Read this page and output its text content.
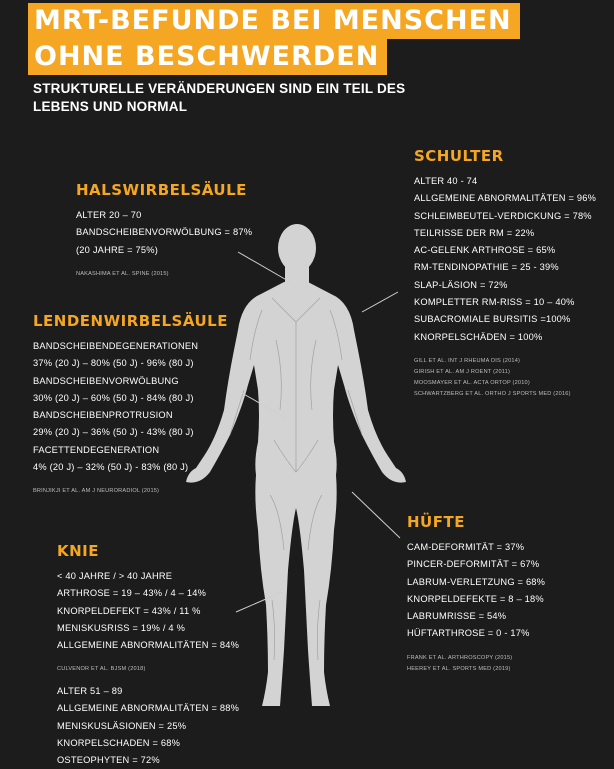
MRT-BEFUNDE BEI MENSCHEN
OHNE BESCHWERDEN
STRUKTURELLE VERÄNDERUNGEN SIND EIN TEIL DES LEBENS UND NORMAL
HALSWIRBELSÄULE
ALTER 20 – 70
BANDSCHEIBENVORWÖLBUNG = 87%
(20 JAHRE = 75%)
NAKASHIMA ET AL. SPINE (2015)
LENDENWIRBELSÄULE
BANDSCHEIBENDEGENERATIONEN
37% (20 J) – 80% (50 J) - 96% (80 J)
BANDSCHEIBENVORWÖLBUNG
30% (20 J) – 60% (50 J) - 84% (80 J)
BANDSCHEIBENPROTRUSION
29% (20 J) – 36% (50 J) - 43% (80 J)
FACETTENDEGENERATION
4% (20 J) – 32% (50 J) - 83% (80 J)
BRINJIKJI ET AL. AM J NEURORADIOL (2015)
SCHULTER
ALTER 40 - 74
ALLGEMEINE ABNORMALITÄTEN = 96%
SCHLEIMBEUTEL-VERDICKUNG = 78%
TEILRISSE DER RM = 22%
AC-GELENK ARTHROSE = 65%
RM-TENDINOPATHIE = 25 - 39%
SLAP-LÄSION = 72%
KOMPLETTER RM-RISS = 10 – 40%
SUBACROMIALE BURSITIS =100%
KNORPELSCHÄDEN = 100%
GILL ET AL. INT J RHEUMA DIS (2014)
GIRISH ET AL. AM J ROENT (2011)
MOOSMAYER ET AL. ACTA ORTOP (2010)
SCHWARTZBERG ET AL. ORTHO J SPORTS MED (2016)
HÜFTE
CAM-DEFORMITÄT = 37%
PINCER-DEFORMITÄT = 67%
LABRUM-VERLETZUNG = 68%
KNORPELDEFEKTE = 8 – 18%
LABRUMRISSE = 54%
HÜFTARTHROSE = 0 - 17%
FRANK ET AL. ARTHROSCOPY (2015)
HEEREY ET AL. SPORTS MED (2019)
KNIE
< 40 JAHRE / > 40 JAHRE
ARTHROSE = 19 – 43% / 4 – 14%
KNORPELDEFEKT = 43% / 11 %
MENISKUSRISS = 19% / 4 %
ALLGEMEINE ABNORMALITÄTEN = 84%
CULVENOR ET AL. BJSM (2018)
ALTER 51 – 89
ALLGEMEINE ABNORMALITÄTEN = 88%
MENISKUSLÄSIONEN = 25%
KNORPELSCHADEN = 68%
OSTEOPHYTEN = 72%
